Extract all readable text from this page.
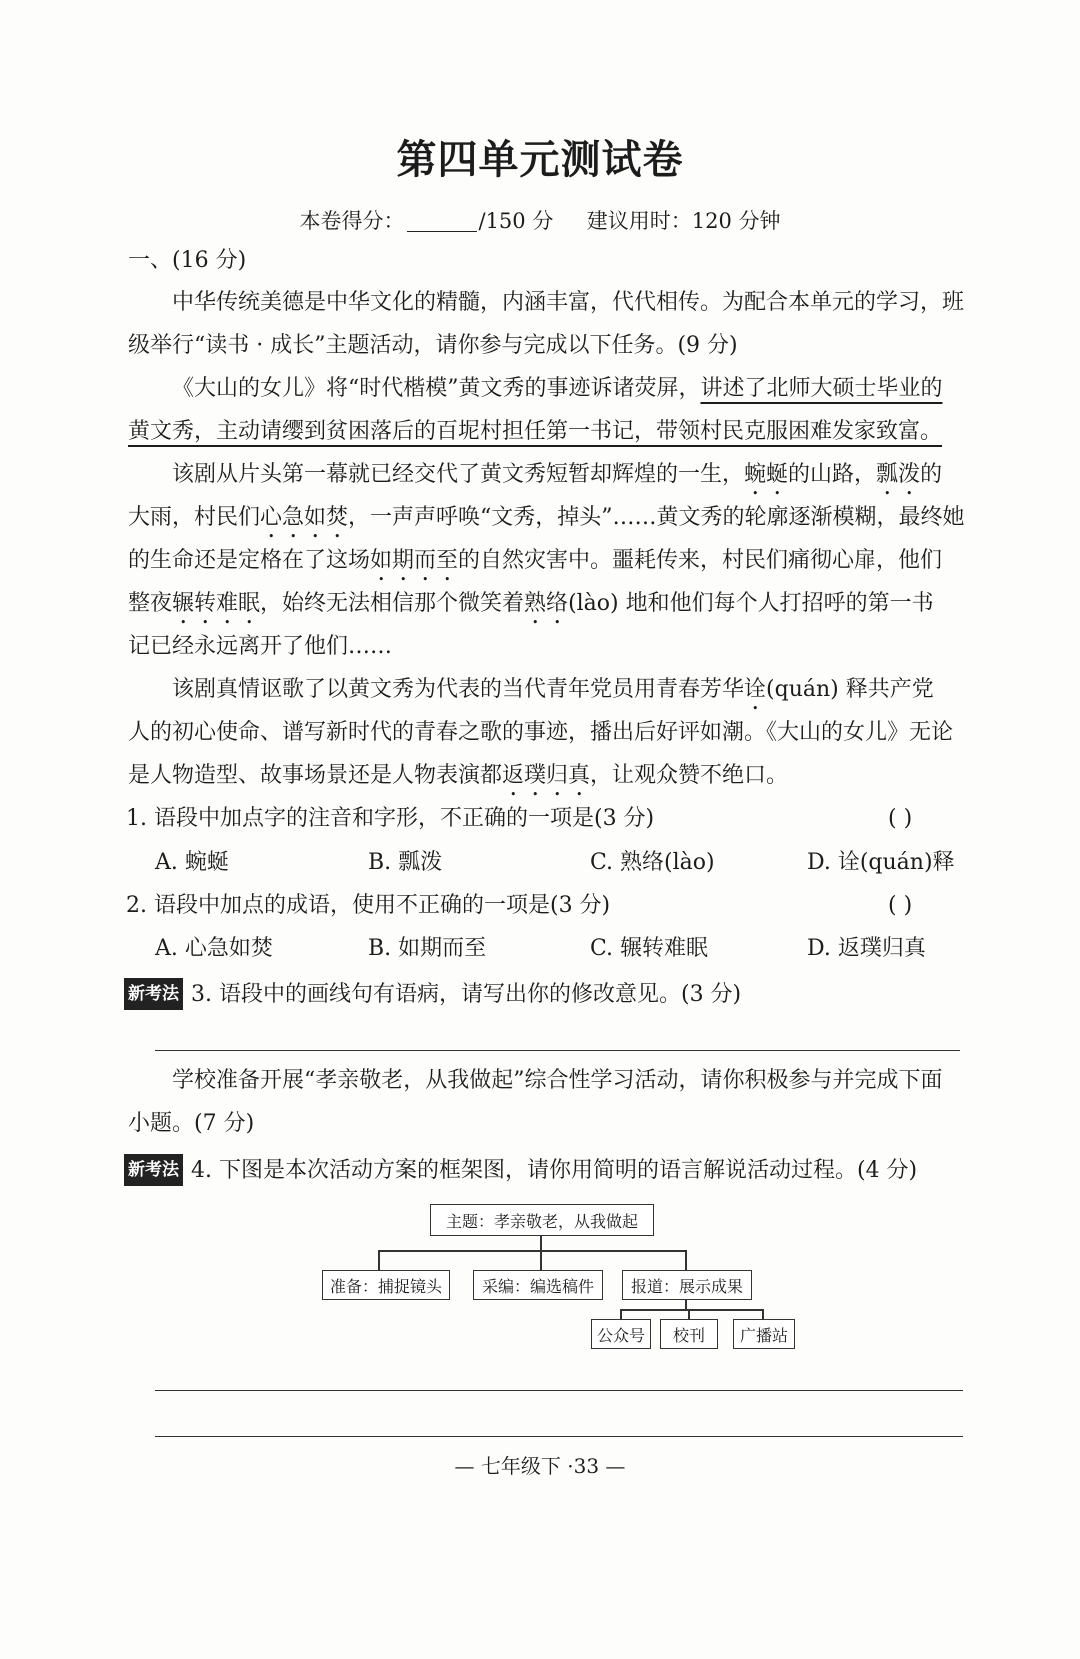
第四单元测试卷
本卷得分：	/150 分 建议用时：120 分钟
一、(16 分)
中华传统美德是中华文化的精髓，内涵丰富，代代相传。为配合本单元的学习，班
级举行“读书 · 成长”主题活动，请你参与完成以下任务。(9 分)
《大山的女儿》将“时代楷模”黄文秀的事迹诉诸荧屏，讲述了北师大硕士毕业的
黄文秀，主动请缨到贫困落后的百坭村担任第一书记，带领村民克服困难发家致富。
该剧从片头第一幕就已经交代了黄文秀短暂却辉煌的一生，蜿蜒的山路，瓢泼的
大雨，村民们心急如焚，一声声呼唤“文秀，掉头”……黄文秀的轮廓逐渐模糊，最终她
的生命还是定格在了这场如期而至的自然灾害中。噩耗传来，村民们痛彻心扉，他们
整夜辗转难眠，始终无法相信那个微笑着熟络(lào) 地和他们每个人打招呼的第一书
记已经永远离开了他们……
该剧真情讴歌了以黄文秀为代表的当代青年党员用青春芳华诠(quán) 释共产党
人的初心使命、谱写新时代的青春之歌的事迹，播出后好评如潮。《大山的女儿》无论
是人物造型、故事场景还是人物表演都返璞归真，让观众赞不绝口。
1. 语段中加点字的注音和字形，不正确的一项是(3 分)	( )
A. 蜿蜒	B. 瓢泼	C. 熟络(lào)	D. 诠(quán)释
2. 语段中加点的成语，使用不正确的一项是(3 分)	( )
A. 心急如焚	B. 如期而至	C. 辗转难眠	D. 返璞归真
新考法 3. 语段中的画线句有语病，请写出你的修改意见。(3 分)
学校准备开展“孝亲敬老，从我做起”综合性学习活动，请你积极参与并完成下面
小题。(7 分)
新考法 4. 下图是本次活动方案的框架图，请你用简明的语言解说活动过程。(4 分)
主题：孝亲敬老，从我做起
准备：捕捉镜头	采编：编选稿件	报道：展示成果
公众号	校刊	广播站
— 七年级下 ·33 —
